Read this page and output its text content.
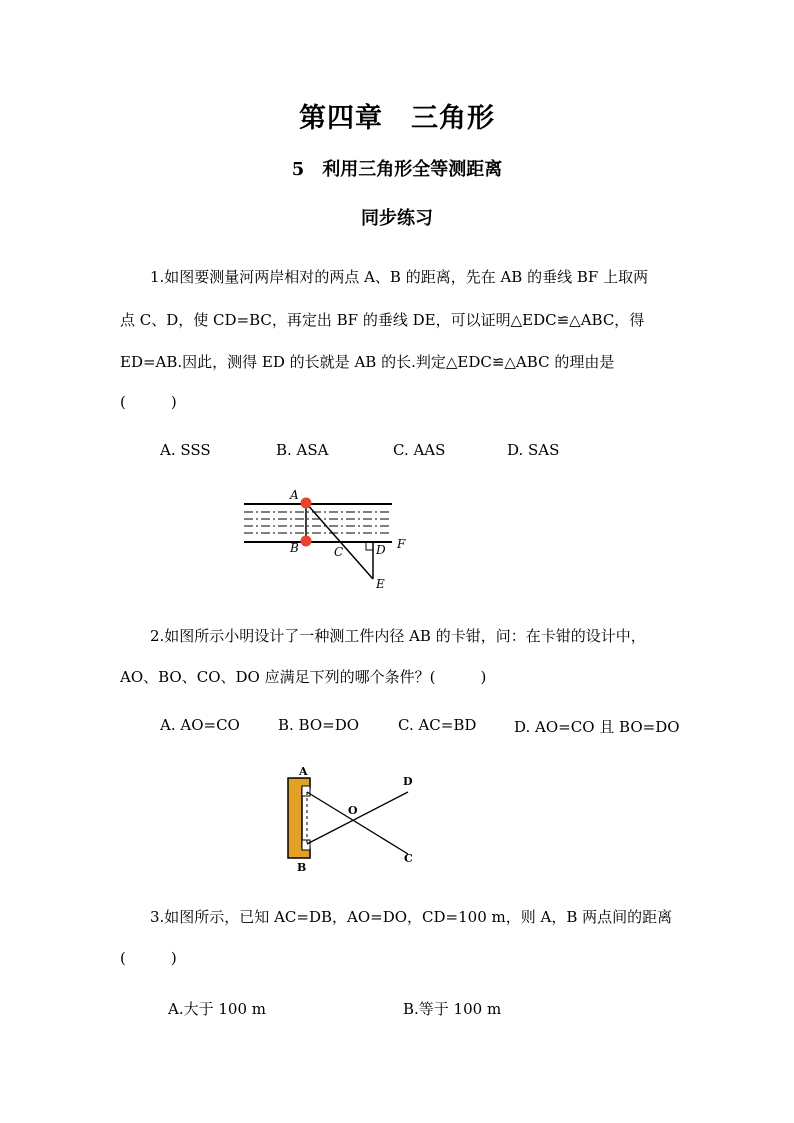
第四章　三角形
5　利用三角形全等测距离
同步练习
1.如图要测量河两岸相对的两点 A、B 的距离，先在 AB 的垂线 BF 上取两
点 C、D，使 CD=BC，再定出 BF 的垂线 DE，可以证明△EDC≌△ABC，得
ED=AB.因此，测得 ED 的长就是 AB 的长.判定△EDC≌△ABC 的理由是
(　　　)
A. SSS	B. ASA	C. AAS	D. SAS
A
B	C	D
E
F
2.如图所示小明设计了一种测工件内径 AB 的卡钳，问：在卡钳的设计中，
AO、BO、CO、DO 应满足下列的哪个条件？(　　　)
A. AO=CO	B. BO=DO	C. AC=BD	D. AO=CO 且 BO=DO
A
B
C
D
O
3.如图所示，已知 AC=DB，AO=DO，CD=100 m，则 A，B 两点间的距离
(　　　)
A.大于 100 m	B.等于 100 m
